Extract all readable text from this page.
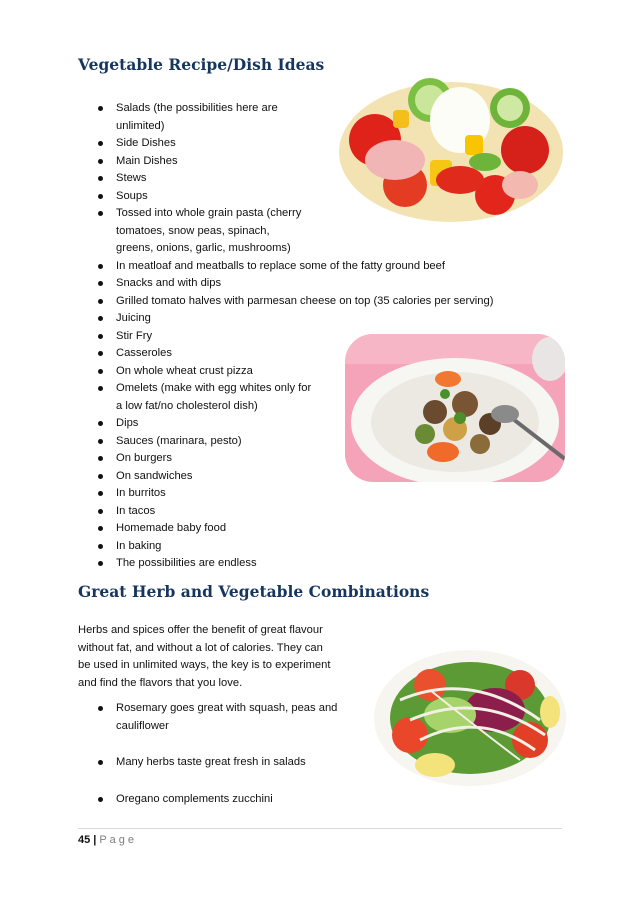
Vegetable Recipe/Dish Ideas
Salads (the possibilities here are
unlimited)
Side Dishes
Main Dishes
Stews
Soups
Tossed into whole grain pasta (cherry
tomatoes, snow peas, spinach,
greens, onions, garlic, mushrooms)
In meatloaf and meatballs to replace some of the fatty ground beef
Snacks and with dips
Grilled tomato halves with parmesan cheese on top (35 calories per serving)
Juicing
Stir Fry
Casseroles
On whole wheat crust pizza
Omelets (make with egg whites only for
a low fat/no cholesterol dish)
Dips
Sauces (marinara, pesto)
On burgers
On sandwiches
In burritos
In tacos
Homemade baby food
In baking
The possibilities are endless
Great Herb and Vegetable Combinations

Herbs and spices offer the benefit of great flavour
without fat, and without a lot of calories. They can
be used in unlimited ways, the key is to experiment
and find the flavors that you love.

Rosemary goes great with squash, peas and
cauliflower
Many herbs taste great fresh in salads
Oregano complements zucchini
45 | Page
